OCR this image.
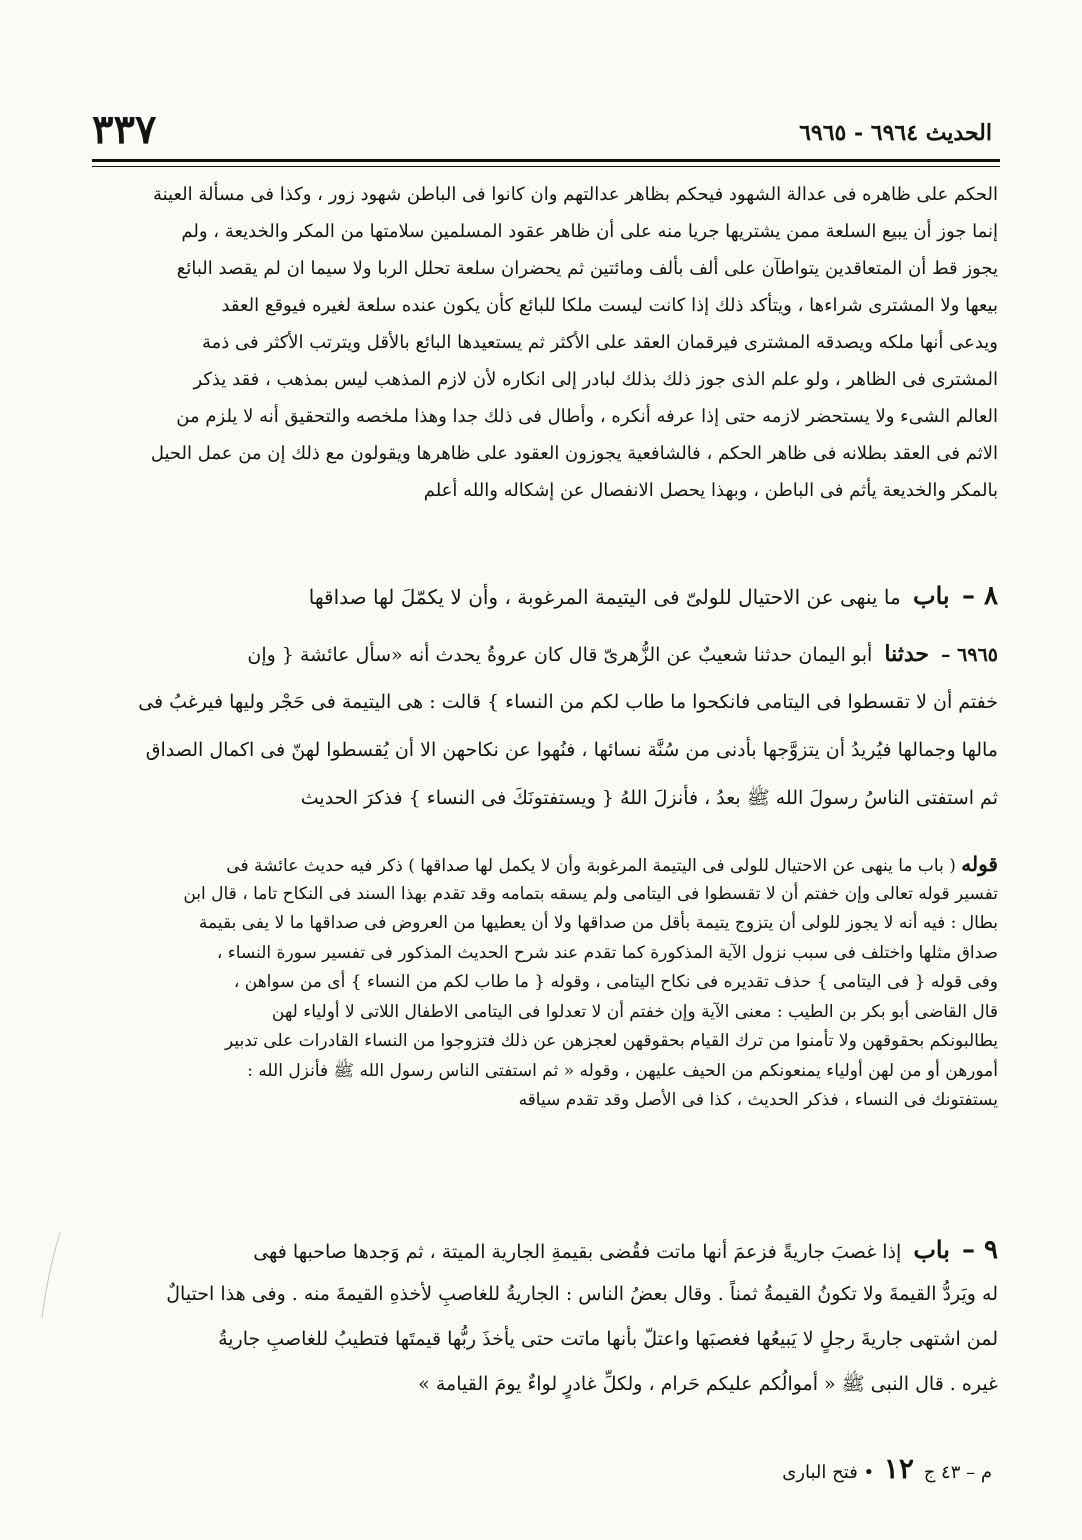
الحديث ٦٩٦٤ - ٦٩٦٥
٣٣٧
الحكم على ظاهره فى عدالة الشهود فيحكم بظاهر عدالتهم وان كانوا فى الباطن شهود زور ، وكذا فى مسألة العينة
إنما جوز أن يبيع السلعة ممن يشتريها جريا منه على أن ظاهر عقود المسلمين سلامتها من المكر والخديعة ، ولم
يجوز قط أن المتعاقدين يتواطآن على ألف بألف ومائتين ثم يحضران سلعة تحلل الربا ولا سيما ان لم يقصد البائع
بيعها ولا المشترى شراءها ، ويتأكد ذلك إذا كانت ليست ملكا للبائع كأن يكون عنده سلعة لغيره فيوقع العقد
ويدعى أنها ملكه ويصدقه المشترى فيرقمان العقد على الأكثر ثم يستعيدها البائع بالأقل ويترتب الأكثر فى ذمة
المشترى فى الظاهر ، ولو علم الذى جوز ذلك بذلك لبادر إلى انكاره لأن لازم المذهب ليس بمذهب ، فقد يذكر
العالم الشىء ولا يستحضر لازمه حتى إذا عرفه أنكره ، وأطال فى ذلك جدا وهذا ملخصه والتحقيق أنه لا يلزم من
الاثم فى العقد بطلانه فى ظاهر الحكم ، فالشافعية يجوزون العقود على ظاهرها ويقولون مع ذلك إن من عمل الحيل
بالمكر والخديعة يأثم فى الباطن ، وبهذا يحصل الانفصال عن إشكاله والله أعلم
٨ – باب ما ينهى عن الاحتيال للولىّ فى اليتيمة المرغوبة ، وأن لا يكمّلَ لها صداقها
٦٩٦٥ – حدثنا أبو اليمان حدثنا شعيبٌ عن الزُّهرىّ قال كان عروةُ يحدث أنه «سأل عائشة { وإن
خفتم أن لا تقسطوا فى اليتامى فانكحوا ما طاب لكم من النساء } قالت : هى اليتيمة فى حَجْر وليها فيرغبُ فى
مالها وجمالها فيُريدُ أن يتزوَّجها بأدنى من سُنَّة نسائها ، فنُهوا عن نكاحهن الا أن يُقسطوا لهنّ فى اكمال الصداق
ثم استفتى الناسُ رسولَ الله ﷺ بعدُ ، فأنزلَ اللهُ { ويستفتونَكَ فى النساء } فذكرَ الحديث
قوله ( باب ما ينهى عن الاحتيال للولى فى اليتيمة المرغوبة وأن لا يكمل لها صداقها ) ذكر فيه حديث عائشة فى
تفسير قوله تعالى وإن خفتم أن لا تقسطوا فى اليتامى ولم يسقه بتمامه وقد تقدم بهذا السند فى النكاح تاما ، قال ابن
بطال : فيه أنه لا يجوز للولى أن يتزوج يتيمة بأقل من صداقها ولا أن يعطيها من العروض فى صداقها ما لا يفى بقيمة
صداق مثلها واختلف فى سبب نزول الآية المذكورة كما تقدم عند شرح الحديث المذكور فى تفسير سورة النساء ،
وفى قوله { فى اليتامى } حذف تقديره فى نكاح اليتامى ، وقوله { ما طاب لكم من النساء } أى من سواهن ،
قال القاضى أبو بكر بن الطيب : معنى الآية وإن خفتم أن لا تعدلوا فى اليتامى الاطفال اللاتى لا أولياء لهن
يطالبونكم بحقوقهن ولا تأمنوا من ترك القيام بحقوقهن لعجزهن عن ذلك فتزوجوا من النساء القادرات على تدبير
أمورهن أو من لهن أولياء يمنعونكم من الحيف عليهن ، وقوله « ثم استفتى الناس رسول الله ﷺ فأنزل الله :
يستفتونك فى النساء ، فذكر الحديث ، كذا فى الأصل وقد تقدم سياقه
٩ – باب إذا غصبَ جاريةً فزعمَ أنها ماتت فقُضى بقيمةِ الجارية الميتة ، ثم وَجدها صاحبها فهى
له ويَردُّ القيمةَ ولا تكونُ القيمةُ ثمناً . وقال بعضُ الناس : الجاريةُ للغاصبِ لأخذهِ القيمةَ منه . وفى هذا احتيالٌ
لمن اشتهى جاريةَ رجلٍ لا يَبيعُها فغصبَها واعتلّ بأنها ماتت حتى يأخذَ ربُّها قيمتَها فتطيبُ للغاصبِ جاريةُ
غيره . قال النبى ﷺ « أموالُكم عليكم حَرام ، ولكلِّ غادرٍ لواءٌ يومَ القيامة »
م – ٤٣ ج ١٢ • فتح البارى
